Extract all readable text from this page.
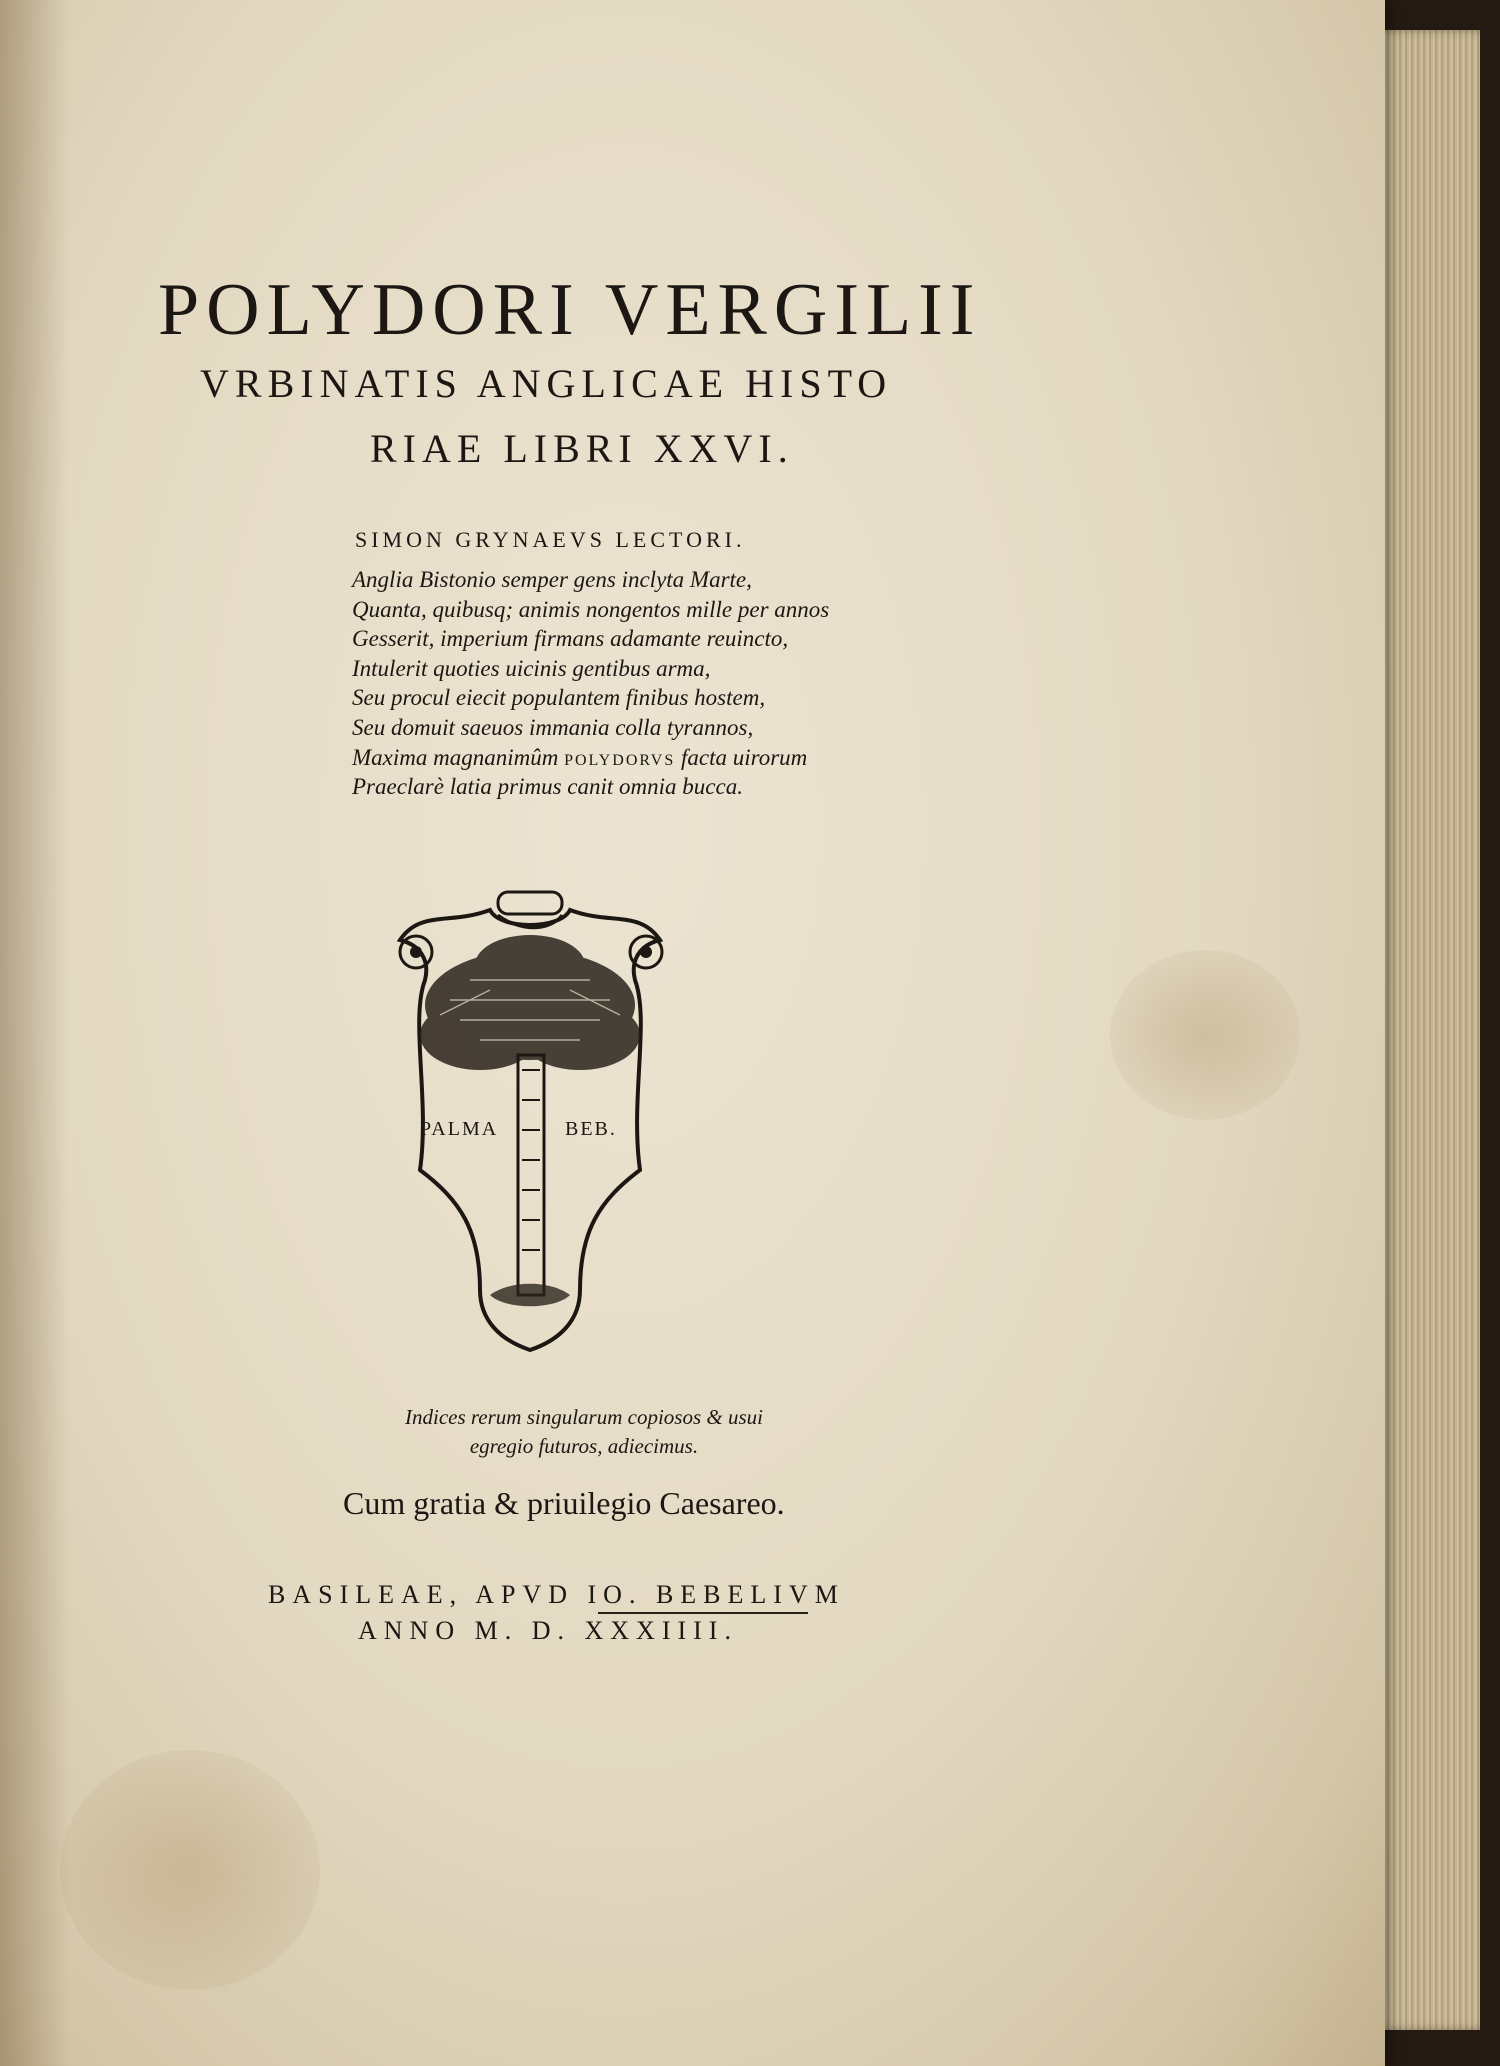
POLYDORI VERGILII
VRBINATIS ANGLICAE HISTO
RIAE LIBRI XXVI.
SIMON GRYNAEVS LECTORI.
Anglia Bistonio semper gens inclyta Marte,
Quanta, quibusq; animis nongentos mille per annos
Gesserit, imperium firmans adamante reuincto,
Intulerit quoties uicinis gentibus arma,
Seu procul eiecit populantem finibus hostem,
Seu domuit saeuos immania colla tyrannos,
Maxima magnanimûm POLYDORVS facta uirorum
Praeclarè latia primus canit omnia bucca.
PALMA	BEB.
Indices rerum singularum copiosos & usui
egregio futuros, adiecimus.
Cum gratia & priuilegio Caesareo.
BASILEAE, APVD IO. BEBELIVM
ANNO M. D. XXXIIII.
